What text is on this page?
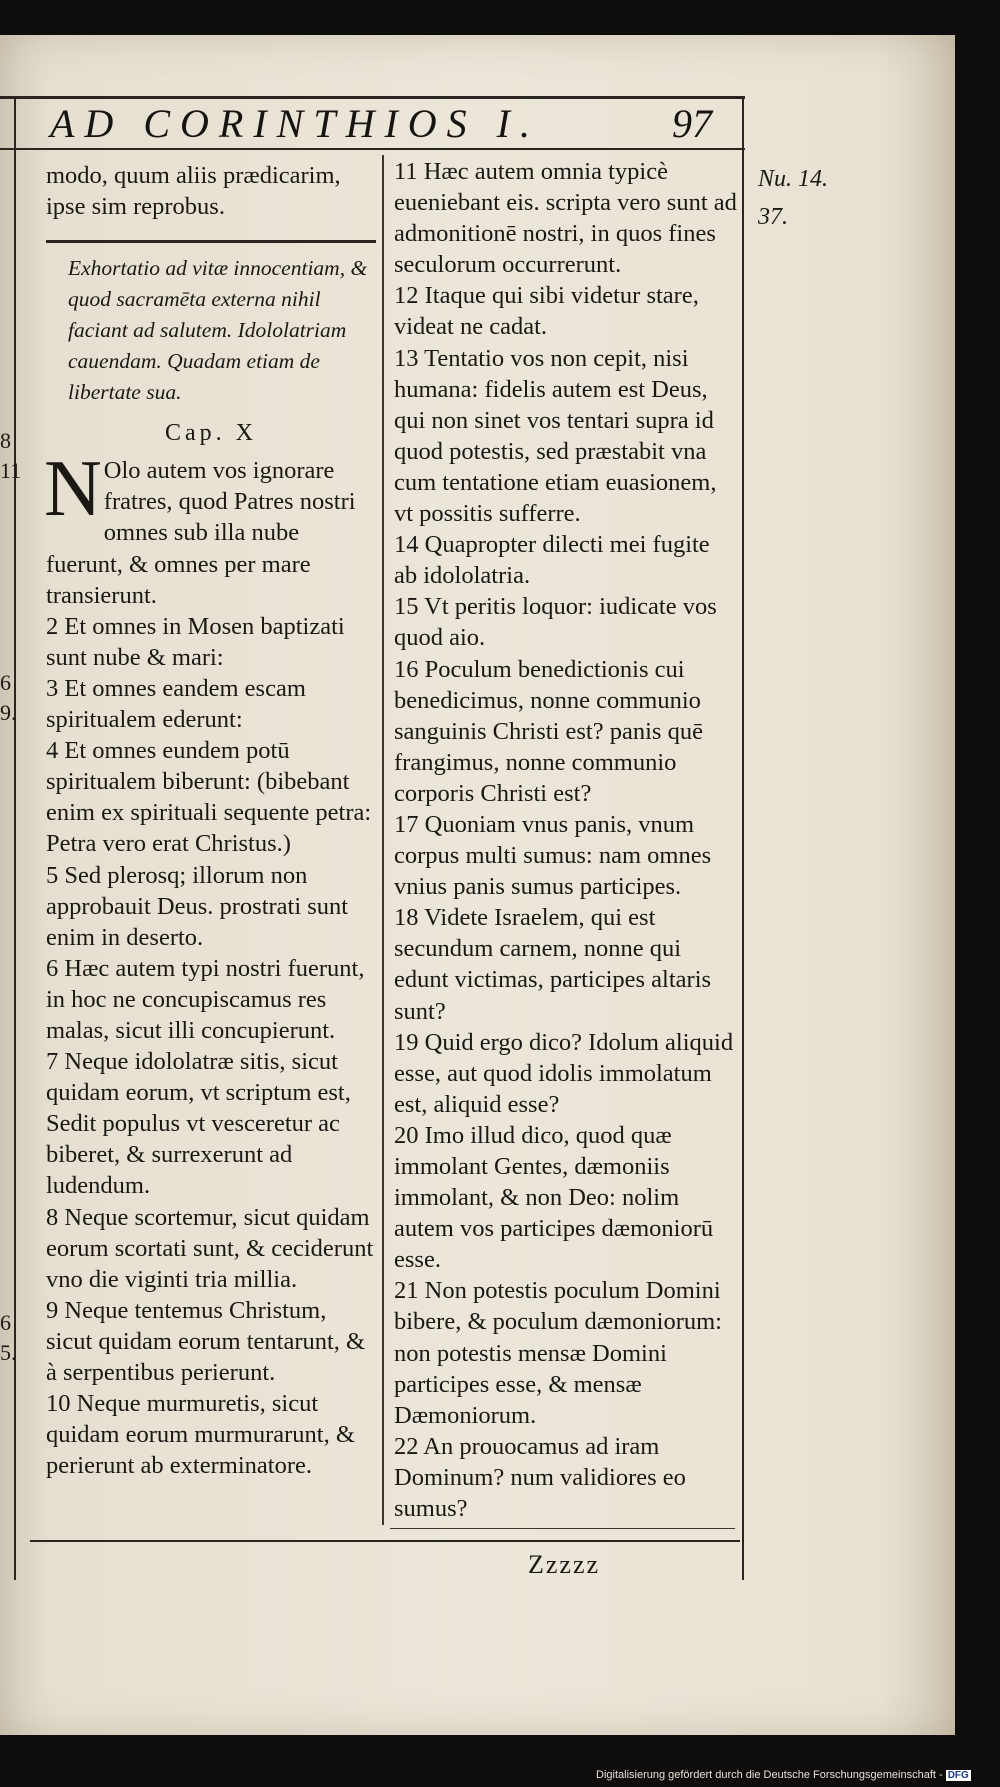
AD CORINTHIOS I.	97
8
11
6
9.
6
5.

modo, quum aliis prædicarim, ipse sim reprobus.

Exhortatio ad vitæ innocentiam, & quod sacramēta externa nihil faciant ad salutem. Idololatriam cauendam. Quadam etiam de libertate sua.
Cap. X

N Olo autem vos ignorare fratres, quod Patres nostri omnes sub illa nube fuerunt, & omnes per mare transierunt.

2 Et omnes in Mosen baptizati sunt nube & mari:

3 Et omnes eandem escam spiritualem ederunt:

4 Et omnes eundem potū spiritualem biberunt: (bibebant enim ex spirituali sequente petra: Petra vero erat Christus.)

5 Sed plerosq; illorum non approbauit Deus. prostrati sunt enim in deserto.

6 Hæc autem typi nostri fuerunt, in hoc ne concupiscamus res malas, sicut illi concupierunt.

7 Neque idololatræ sitis, sicut quidam eorum, vt scriptum est, Sedit populus vt vesceretur ac biberet, & surrexerunt ad ludendum.

8 Neque scortemur, sicut quidam eorum scortati sunt, & ceciderunt vno die viginti tria millia.

9 Neque tentemus Christum, sicut quidam eorum tentarunt, & à serpentibus perierunt.

10 Neque murmuretis, sicut quidam eorum murmurarunt, & perierunt ab exterminatore.

11 Hæc autem omnia typicè eueniebant eis. scripta vero sunt ad admonitionē nostri, in quos fines seculorum occurrerunt.

12 Itaque qui sibi videtur stare, videat ne cadat.

13 Tentatio vos non cepit, nisi humana: fidelis autem est Deus, qui non sinet vos tentari supra id quod potestis, sed præstabit vna cum tentatione etiam euasionem, vt possitis sufferre.

14 Quapropter dilecti mei fugite ab idololatria.

15 Vt peritis loquor: iudicate vos quod aio.

16 Poculum benedictionis cui benedicimus, nonne communio sanguinis Christi est? panis quē frangimus, nonne communio corporis Christi est?

17 Quoniam vnus panis, vnum corpus multi sumus: nam omnes vnius panis sumus participes.

18 Videte Israelem, qui est secundum carnem, nonne qui edunt victimas, participes altaris sunt?

19 Quid ergo dico? Idolum aliquid esse, aut quod idolis immolatum est, aliquid esse?

20 Imo illud dico, quod quæ immolant Gentes, dæmoniis immolant, & non Deo: nolim autem vos participes dæmoniorū esse.

21 Non potestis poculum Domini bibere, & poculum dæmoniorum: non potestis mensæ Domini participes esse, & mensæ Dæmoniorum.

22 An prouocamus ad iram Dominum? num validiores eo sumus?

Nu. 14.
37.
Zzzzz
Digitalisierung gefördert durch die Deutsche Forschungsgemeinschaft - DFG
